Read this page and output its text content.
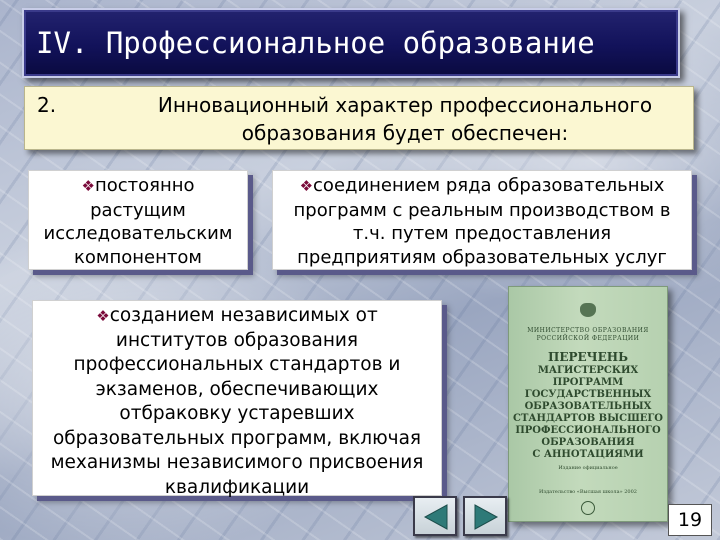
IV. Профессиональное образование
2.	Инновационный характер профессионального
образования будет обеспечен:

❖постоянно

растущим

исследовательским

компонентом

❖соединением ряда образовательных

программ с реальным производством в

т.ч. путем предоставления

предприятиям образовательных услуг

❖созданием независимых от

институтов образования

профессиональных стандартов и

экзаменов, обеспечивающих

отбраковку устаревших

образовательных программ, включая

механизмы независимого присвоения

квалификации

МИНИСТЕРСТВО ОБРАЗОВАНИЯ
РОССИЙСКОЙ ФЕДЕРАЦИИ
ПЕРЕЧЕНЬ
МАГИСТЕРСКИХ ПРОГРАММ
ГОСУДАРСТВЕННЫХ
ОБРАЗОВАТЕЛЬНЫХ
СТАНДАРТОВ ВЫСШЕГО
ПРОФЕССИОНАЛЬНОГО
ОБРАЗОВАНИЯ
С АННОТАЦИЯМИ
Издание официальное
Издательство «Высшая школа» 2002
19
